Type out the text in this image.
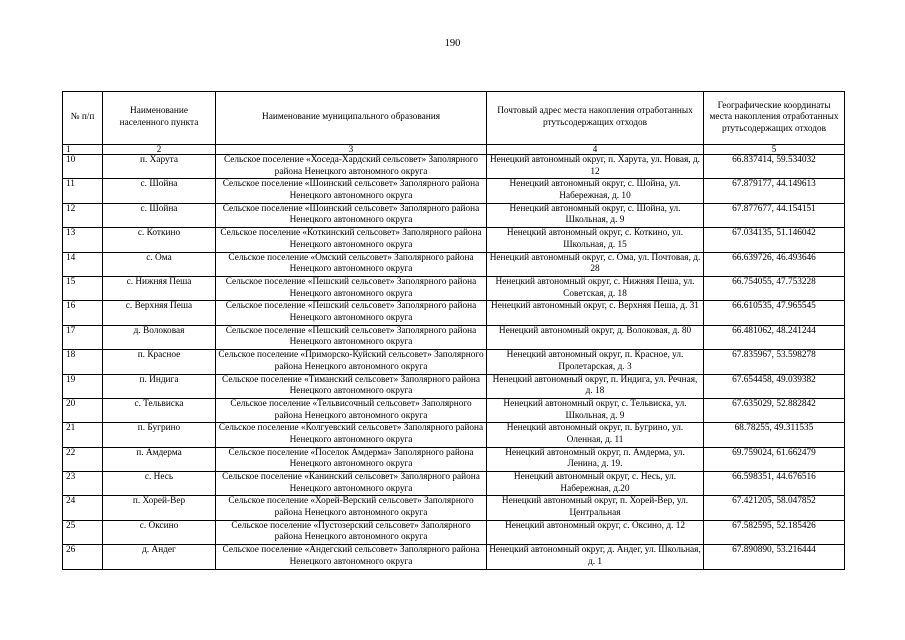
190
№ п/п	Наименование населенного пункта	Наименование муниципального образования	Почтовый адрес места накопления отработанных ртутьсодержащих отходов	Географические координаты места накопления отработанных ртутьсодержащих отходов
1	2	3	4	5
10	п. Харута	Сельское поселение «Хоседа-Хардский сельсовет» Заполярного района Ненецкого автономного округа	Ненецкий автономный округ, п. Харута, ул. Новая, д. 12	66.837414, 59.534032
11	с. Шойна	Сельское поселение «Шоинский сельсовет» Заполярного района Ненецкого автономного округа	Ненецкий автономный округ, с. Шойна, ул. Набережная, д. 10	67.879177, 44.149613
12	с. Шойна	Сельское поселение «Шоинский сельсовет» Заполярного района Ненецкого автономного округа	Ненецкий автономный округ, с. Шойна, ул. Школьная, д. 9	67.877677, 44.154151
13	с. Коткино	Сельское поселение «Коткинский сельсовет» Заполярного района Ненецкого автономного округа	Ненецкий автономный округ, с. Коткино, ул. Школьная, д. 15	67.034135, 51.146042
14	с. Ома	Сельское поселение «Омский сельсовет» Заполярного района Ненецкого автономного округа	Ненецкий автономный округ, с. Ома, ул. Почтовая, д. 28	66.639726, 46.493646
15	с. Нижняя Пеша	Сельское поселение «Пешский сельсовет» Заполярного района Ненецкого автономного округа	Ненецкий автономный округ, с. Нижняя Пеша, ул. Советская, д. 18	66.754055, 47.753228
16	с. Верхняя Пеша	Сельское поселение «Пешский сельсовет» Заполярного района Ненецкого автономного округа	Ненецкий автономный округ, с. Верхняя Пеша, д. 31	66.610535, 47.965545
17	д. Волоковая	Сельское поселение «Пешский сельсовет» Заполярного района Ненецкого автономного округа	Ненецкий автономный округ, д. Волоковая, д. 80	66.481062, 48.241244
18	п. Красное	Сельское поселение «Приморско-Куйский сельсовет» Заполярного района Ненецкого автономного округа	Ненецкий автономный округ, п. Красное, ул. Пролетарская, д. 3	67.835967, 53.598278
19	п. Индига	Сельское поселение «Тиманский сельсовет» Заполярного района Ненецкого автономного округа	Ненецкий автономный округ, п. Индига, ул. Речная, д. 18	67.654458, 49.039382
20	с. Тельвиска	Сельское поселение «Тельвисочный сельсовет» Заполярного района Ненецкого автономного округа	Ненецкий автономный округ, с. Тельвиска, ул. Школьная, д. 9	67.635029, 52.882842
21	п. Бугрино	Сельское поселение «Колгуевский сельсовет» Заполярного района Ненецкого автономного округа	Ненецкий автономный округ, п. Бугрино, ул. Оленная, д. 11	68.78255, 49.311535
22	п. Амдерма	Сельское поселение «Поселок Амдерма» Заполярного района Ненецкого автономного округа	Ненецкий автономный округ, п. Амдерма, ул. Ленина, д. 19.	69.759024, 61.662479
23	с. Несь	Сельское поселение «Канинский сельсовет» Заполярного района Ненецкого автономного округа	Ненецкий автономный округ, с. Несь, ул. Набережная, д.20	66.598351, 44.676516
24	п. Хорей-Вер	Сельское поселение «Хорей-Верский сельсовет» Заполярного района Ненецкого автономного округа	Ненецкий автономный округ, п. Хорей-Вер, ул. Центральная	67.421205, 58.047852
25	с. Оксино	Сельское поселение «Пустозерский сельсовет» Заполярного района Ненецкого автономного округа	Ненецкий автономный округ, с. Оксино, д. 12	67.582595, 52.185426
26	д. Андег	Сельское поселение «Андегский сельсовет» Заполярного района Ненецкого автономного округа	Ненецкий автономный округ, д. Андег, ул. Школьная, д. 1	67.890890, 53.216444
